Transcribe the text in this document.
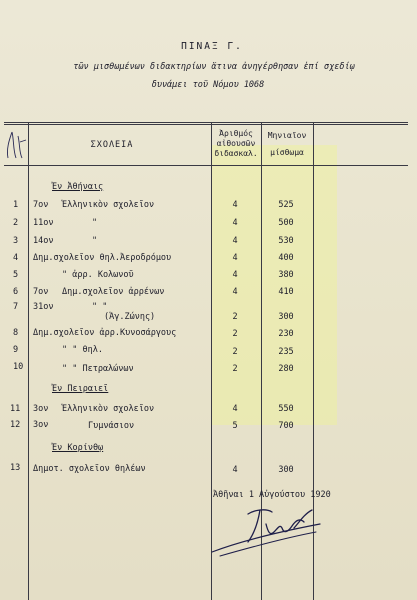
ΠΙΝΑΞ Γ.
τῶν μισθωμένων διδακτηρίων ἅτινα ἀνηγέρθησαν ἐπί σχεδίῳ
δυνάμει τοῦ Νόμου 1068
ΣΧΟΛΕΙΑ
Ἀριθμός
αἰθουσῶν
διδασκαλ.
Μηνιαῖον
μίσθωμα
Ἐν Ἀθήναις
1 7ον Ἑλληνικὸν σχολεῖον	4	525
2 11ον	"	4	500
3 14ον	"	4	530
4 Δημ.σχολεῖον θηλ.Ἀεροδρόμου	4	400
5	" ἀρρ. Κολωνοῦ	4	380
6 7ον Δημ.σχολεῖον ἀρρένων	4	410
7 31ον	" "
(Ἁγ.Ζώνης)	2	300
8 Δημ.σχολεῖον ἀρρ.Κυνοσάργους	2	230
9	" " θηλ.	2	235
10	" " Πετραλώνων	2	280
Ἐν Πειραιεῖ
11 3ον Ἑλληνικὸν σχολεῖον	4	550
12 3ον	Γυμνάσιον	5	700
Ἐν Κορίνθῳ
13 Δημοτ. σχολεῖον θηλέων	4	300
Ἀθῆναι 1 Αὐγούστου 1920
